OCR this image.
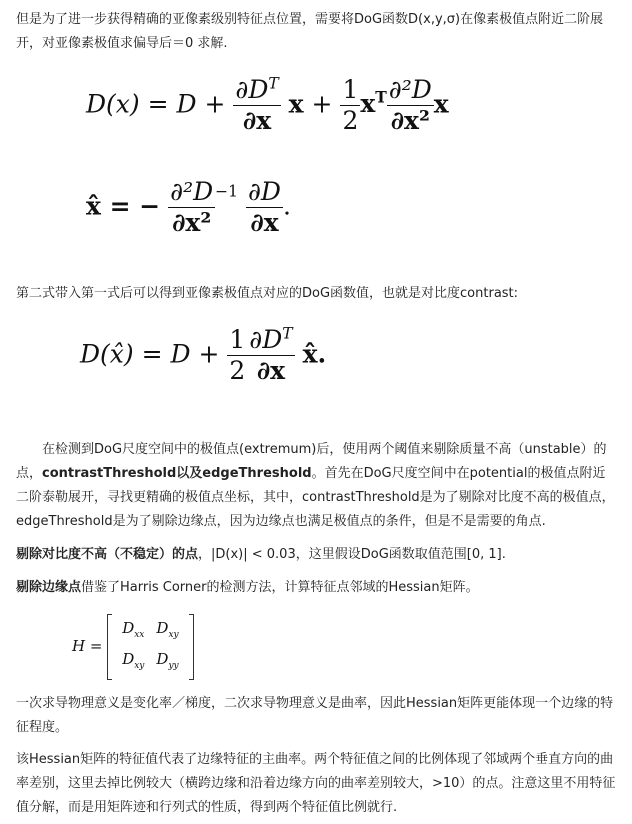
但是为了进一步获得精确的亚像素级别特征点位置，需要将DoG函数D(x,y,σ)在像素极值点附近二阶展开，对亚像素极值求偏导后＝0 求解.

$D(x) = D + \frac{\partial D^T}{\partial x}$ $x + \frac{1}{2} x^T \frac{\text{∂²D}}{\text{∂x²}}$ x
x̂ = − $\frac{\text{∂²D}}{\text{∂x²}} ^{-1} \frac{\partial D}{\partial x}$ .

第二式带入第一式后可以得到亚像素极值点对应的DoG函数值，也就是对比度contrast:

D(x̂) = $D + \frac{1}{2} \frac{\partial D^T}{\partial x}$ x̂.

在检测到DoG尺度空间中的极值点(extremum)后，使用两个阈值来剔除质量不高（unstable）的点，contrastThreshold以及edgeThreshold。首先在DoG尺度空间中在potential的极值点附近二阶泰勒展开，寻找更精确的极值点坐标，其中，contrastThreshold是为了剔除对比度不高的极值点，edgeThreshold是为了剔除边缘点，因为边缘点也满足极值点的条件，但是不是需要的角点.

剔除对比度不高（不稳定）的点，|D(x)| < 0.03，这里假设DoG函数取值范围[0, 1].

剔除边缘点借鉴了Harris Corner的检测方法，计算特征点邻域的Hessian矩阵。

H =
$D_{xx}$	$D_{xy}$
$D_{xy}$	$D_{yy}$

一次求导物理意义是变化率／梯度，二次求导物理意义是曲率，因此Hessian矩阵更能体现一个边缘的特征程度。

该Hessian矩阵的特征值代表了边缘特征的主曲率。两个特征值之间的比例体现了邻域两个垂直方向的曲率差别，这里去掉比例较大（横跨边缘和沿着边缘方向的曲率差别较大，>10）的点。注意这里不用特征值分解，而是用矩阵迹和行列式的性质，得到两个特征值比例就行.
